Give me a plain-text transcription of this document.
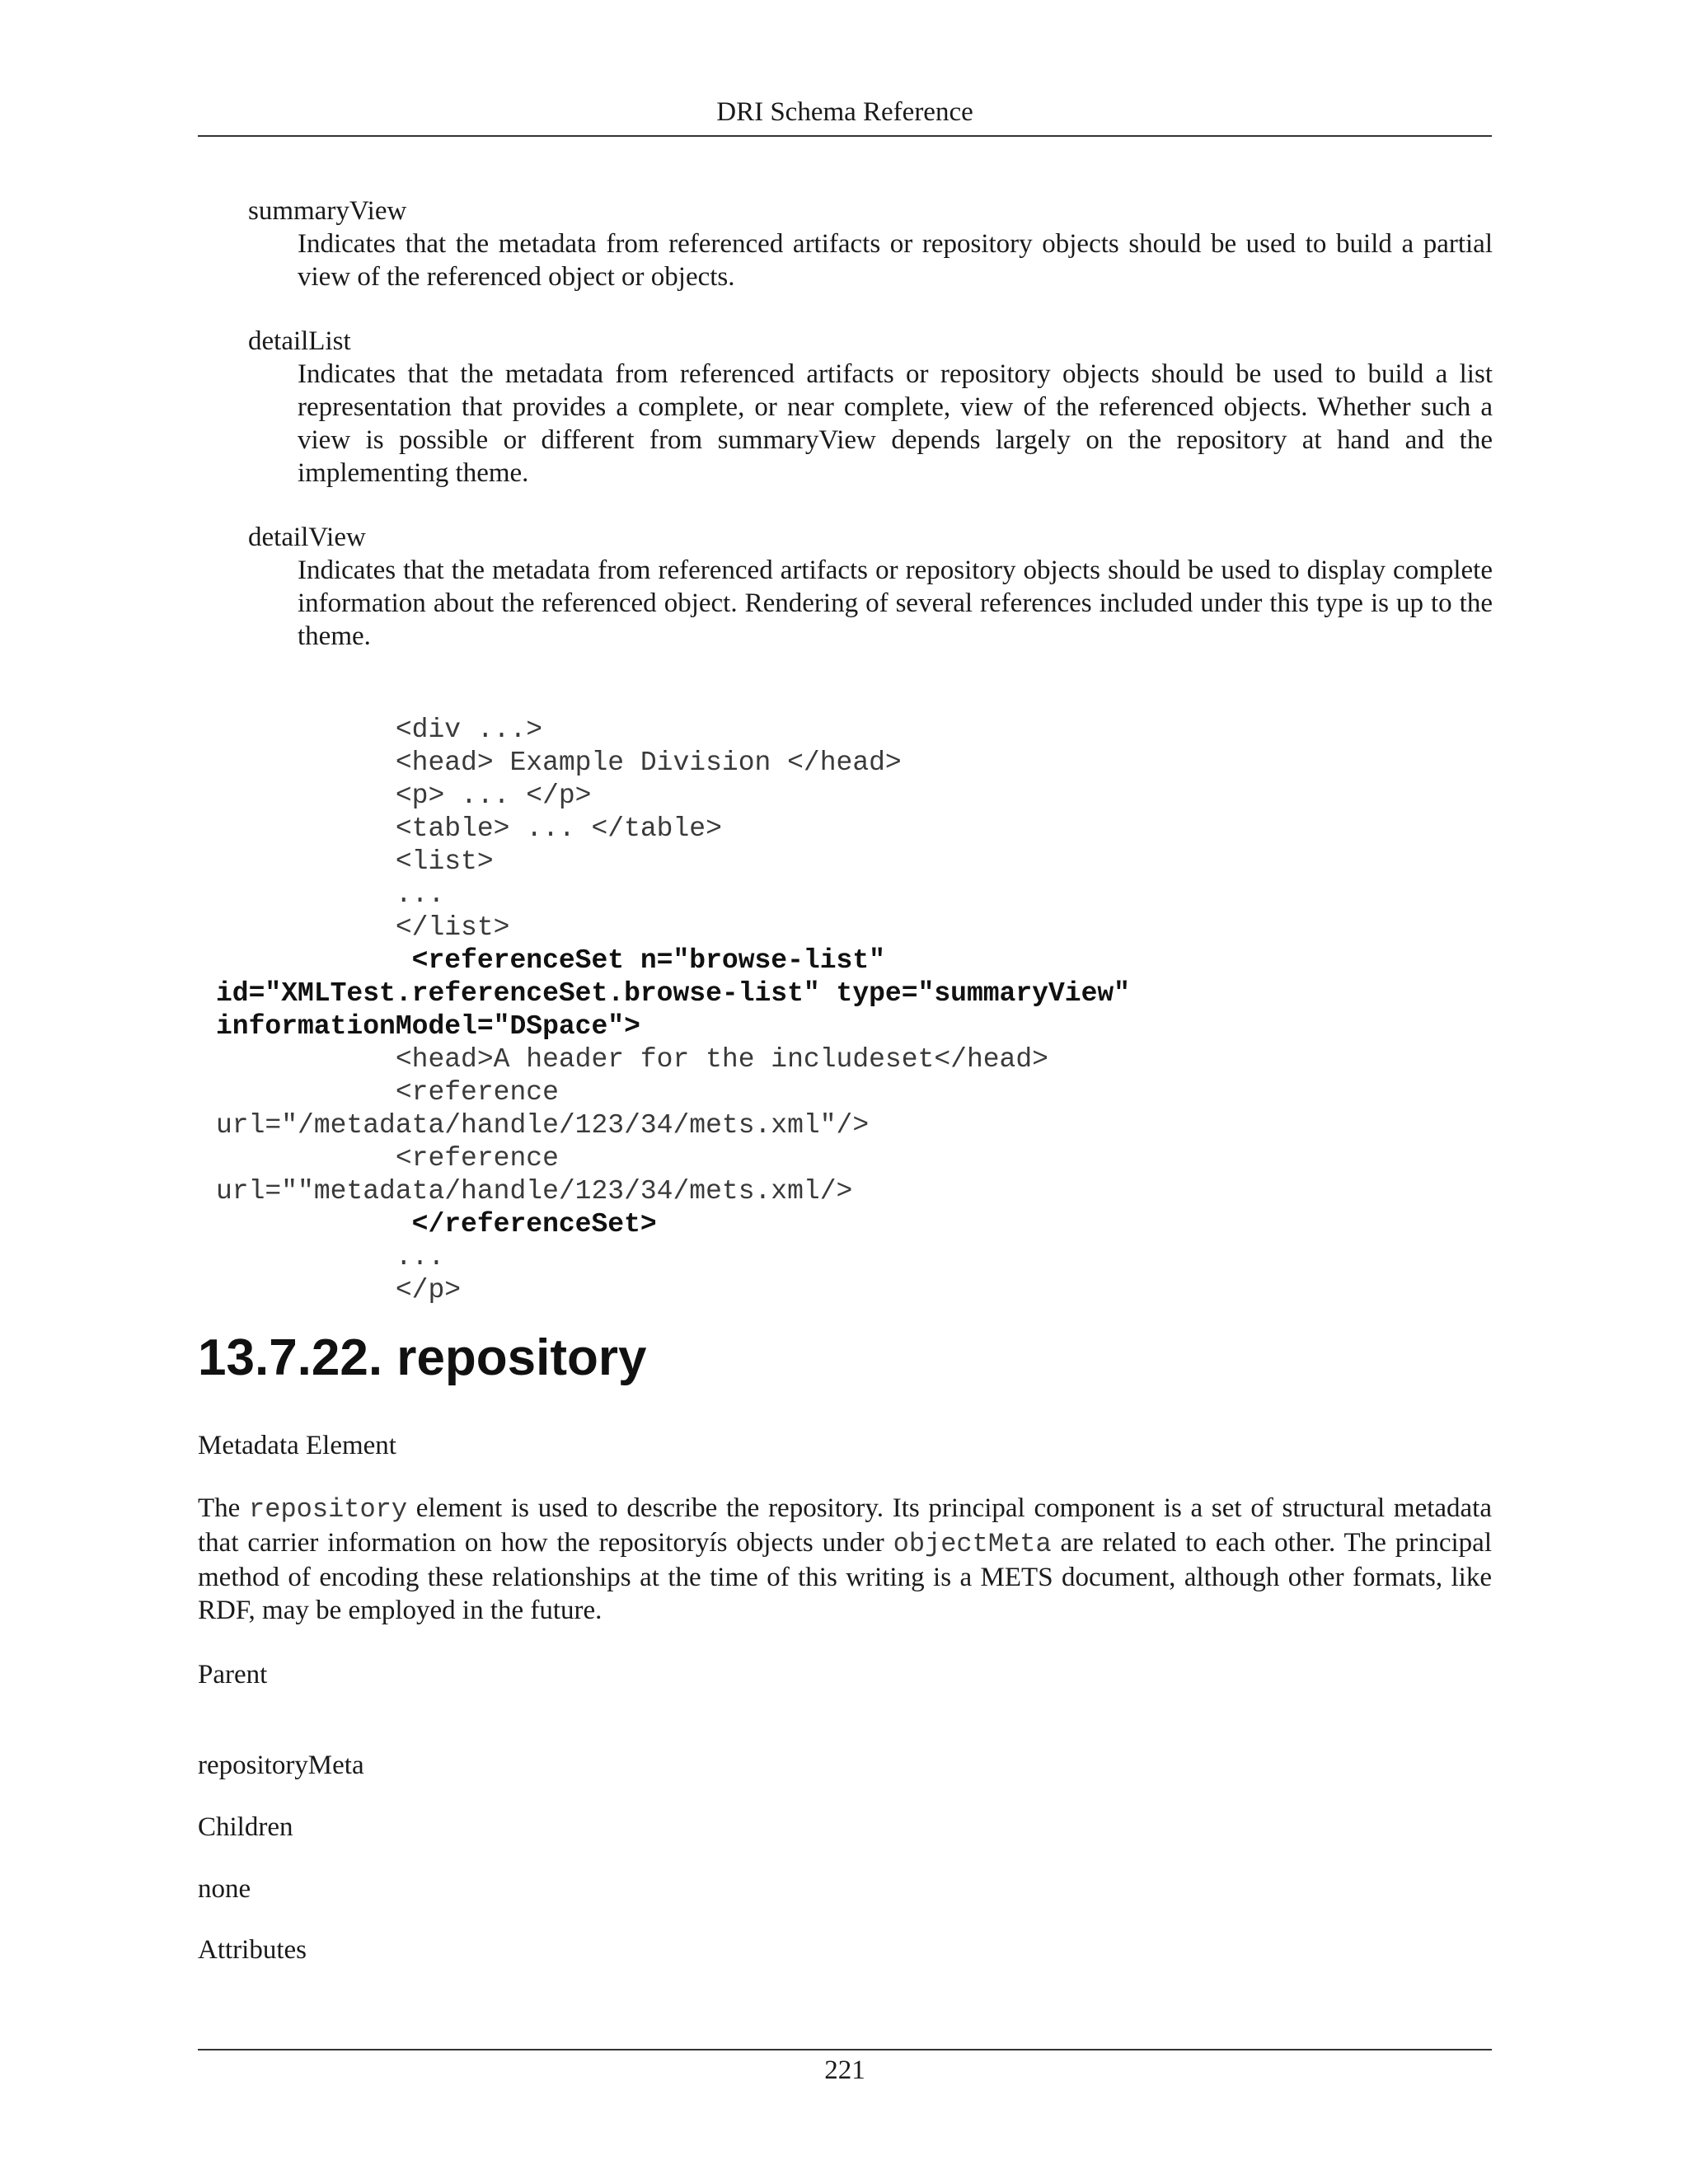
DRI Schema Reference
summaryView
Indicates that the metadata from referenced artifacts or repository objects should be used to build a partial view of the referenced object or objects.
detailList
Indicates that the metadata from referenced artifacts or repository objects should be used to build a list representation that provides a complete, or near complete, view of the referenced objects. Whether such a view is possible or different from summaryView depends largely on the repository at hand and the implementing theme.
detailView
Indicates that the metadata from referenced artifacts or repository objects should be used to display complete information about the referenced object. Rendering of several references included under this type is up to the theme.
<div ...>
<head> Example Division </head>
<p> ... </p>
<table> ... </table>
<list>
...
</list>
<referenceSet n="browse-list"
id="XMLTest.referenceSet.browse-list" type="summaryView"
informationModel="DSpace">
<head>A header for the includeset</head>
<reference
url="/metadata/handle/123/34/mets.xml"/>
<reference
url=""metadata/handle/123/34/mets.xml/>
</referenceSet>
...
</p>

13.7.22. repository

Metadata Element

The repository element is used to describe the repository. Its principal component is a set of structural metadata that carrier information on how the repositoryís objects under objectMeta are related to each other. The principal method of encoding these relationships at the time of this writing is a METS document, although other formats, like RDF, may be employed in the future.

Parent

repositoryMeta

Children

none

Attributes

221
